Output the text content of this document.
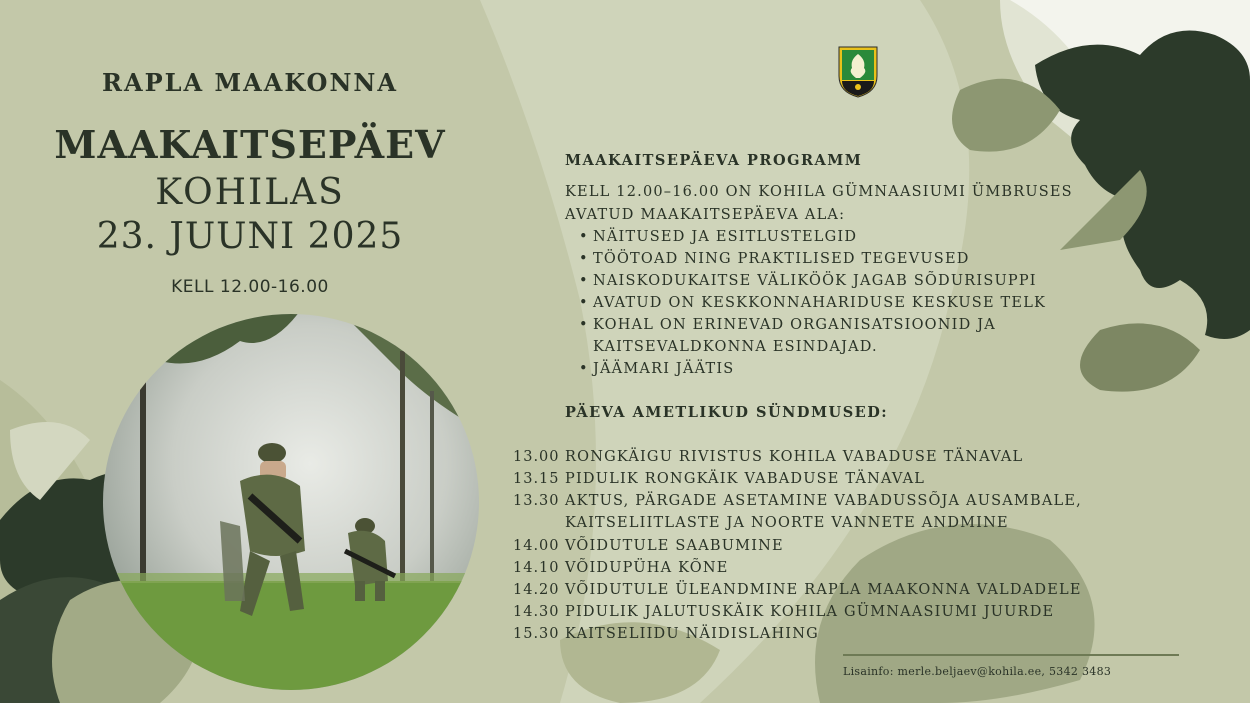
RAPLA MAAKONNA
MAAKAITSEPÄEV
KOHILAS
23. JUUNI 2025
KELL 12.00-16.00
MAAKAITSEPÄEVA PROGRAMM
KELL 12.00–16.00 ON KOHILA GÜMNAASIUMI ÜMBRUSES
AVATUD MAAKAITSEPÄEVA ALA:
• NÄITUSED JA ESITLUSTELGID
• TÖÖTOAD NING PRAKTILISED TEGEVUSED
• NAISKODUKAITSE VÄLIKÖÖK JAGAB SÕDURISUPPI
• AVATUD ON KESKKONNAHARIDUSE KESKUSE TELK
• KOHAL ON ERINEVAD ORGANISATSIOONID JA
KAITSEVALDKONNA ESINDAJAD.
• JÄÄMARI JÄÄTIS
PÄEVA AMETLIKUD SÜNDMUSED:
13.00 RONGKÄIGU RIVISTUS KOHILA VABADUSE TÄNAVAL
13.15 PIDULIK RONGKÄIK VABADUSE TÄNAVAL
13.30 AKTUS, PÄRGADE ASETAMINE VABADUSSÕJA AUSAMBALE,
KAITSELIITLASTE JA NOORTE VANNETE ANDMINE
14.00 VÕIDUTULE SAABUMINE
14.10 VÕIDUPÜHA KÕNE
14.20 VÕIDUTULE ÜLEANDMINE RAPLA MAAKONNA VALDADELE
14.30 PIDULIK JALUTUSKÄIK KOHILA GÜMNAASIUMI JUURDE
15.30 KAITSELIIDU NÄIDISLAHING
Lisainfo: merle.beljaev@kohila.ee, 5342 3483
